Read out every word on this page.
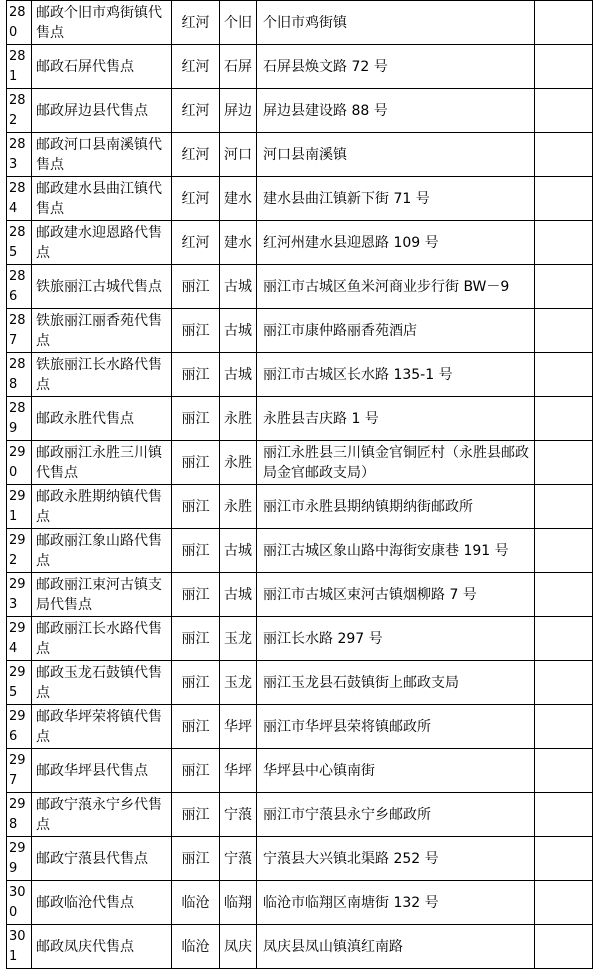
280	邮政个旧市鸡街镇代售点	红河	个旧	个旧市鸡街镇	
281	邮政石屏代售点	红河	石屏	石屏县焕文路 72 号	
282	邮政屏边县代售点	红河	屏边	屏边县建设路 88 号	
283	邮政河口县南溪镇代售点	红河	河口	河口县南溪镇	
284	邮政建水县曲江镇代售点	红河	建水	建水县曲江镇新下街 71 号	
285	邮政建水迎恩路代售点	红河	建水	红河州建水县迎恩路 109 号	
286	铁旅丽江古城代售点	丽江	古城	丽江市古城区鱼米河商业步行街 BW－9	
287	铁旅丽江丽香苑代售点	丽江	古城	丽江市康仲路丽香苑酒店	
288	铁旅丽江长水路代售点	丽江	古城	丽江市古城区长水路 135-1 号	
289	邮政永胜代售点	丽江	永胜	永胜县吉庆路 1 号	
290	邮政丽江永胜三川镇代售点	丽江	永胜	丽江永胜县三川镇金官铜匠村（永胜县邮政局金官邮政支局）	
291	邮政永胜期纳镇代售点	丽江	永胜	丽江市永胜县期纳镇期纳街邮政所	
292	邮政丽江象山路代售点	丽江	古城	丽江古城区象山路中海街安康巷 191 号	
293	邮政丽江束河古镇支局代售点	丽江	古城	丽江市古城区束河古镇烟柳路 7 号	
294	邮政丽江长水路代售点	丽江	玉龙	丽江长水路 297 号	
295	邮政玉龙石鼓镇代售点	丽江	玉龙	丽江玉龙县石鼓镇街上邮政支局	
296	邮政华坪荣将镇代售点	丽江	华坪	丽江市华坪县荣将镇邮政所	
297	邮政华坪县代售点	丽江	华坪	华坪县中心镇南街	
298	邮政宁蒗永宁乡代售点	丽江	宁蒗	丽江市宁蒗县永宁乡邮政所	
299	邮政宁蒗县代售点	丽江	宁蒗	宁蒗县大兴镇北渠路 252 号	
300	邮政临沧代售点	临沧	临翔	临沧市临翔区南塘街 132 号	
301	邮政凤庆代售点	临沧	凤庆	凤庆县凤山镇滇红南路	
